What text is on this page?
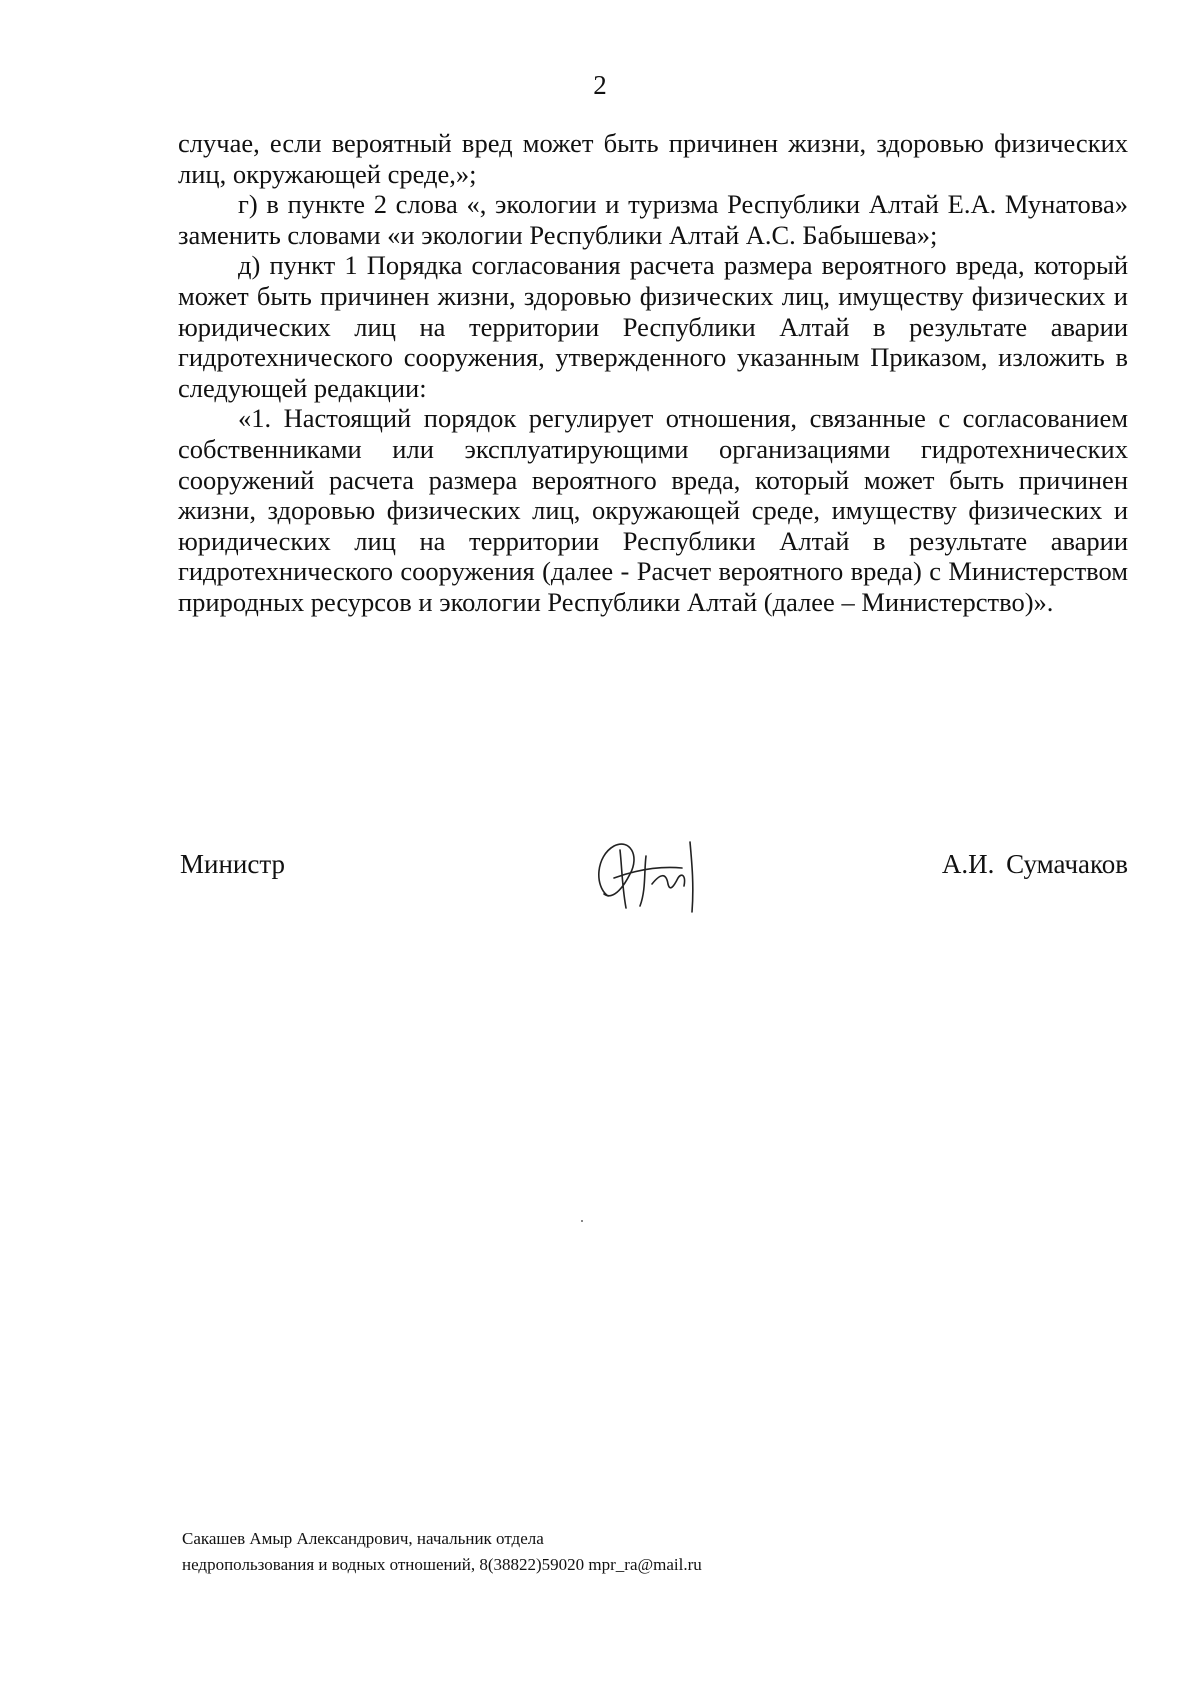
2

случае, если вероятный вред может быть причинен жизни, здоровью физических лиц, окружающей среде,»;

г) в пункте 2 слова «, экологии и туризма Республики Алтай Е.А. Мунатова» заменить словами «и экологии Республики Алтай А.С. Бабышева»;

д) пункт 1 Порядка согласования расчета размера вероятного вреда, который может быть причинен жизни, здоровью физических лиц, имуществу физических и юридических лиц на территории Республики Алтай в результате аварии гидротехнического сооружения, утвержденного указанным Приказом, изложить в следующей редакции:

«1. Настоящий порядок регулирует отношения, связанные с согласованием собственниками или эксплуатирующими организациями гидротехнических сооружений расчета размера вероятного вреда, который может быть причинен жизни, здоровью физических лиц, окружающей среде, имуществу физических и юридических лиц на территории Республики Алтай в результате аварии гидротехнического сооружения (далее - Расчет вероятного вреда) с Министерством природных ресурсов и экологии Республики Алтай (далее – Министерство)».

Министр	А.И. Сумачаков
Сакашев Амыр Александрович, начальник отдела
недропользования и водных отношений, 8(38822)59020 mpr_ra@mail.ru
